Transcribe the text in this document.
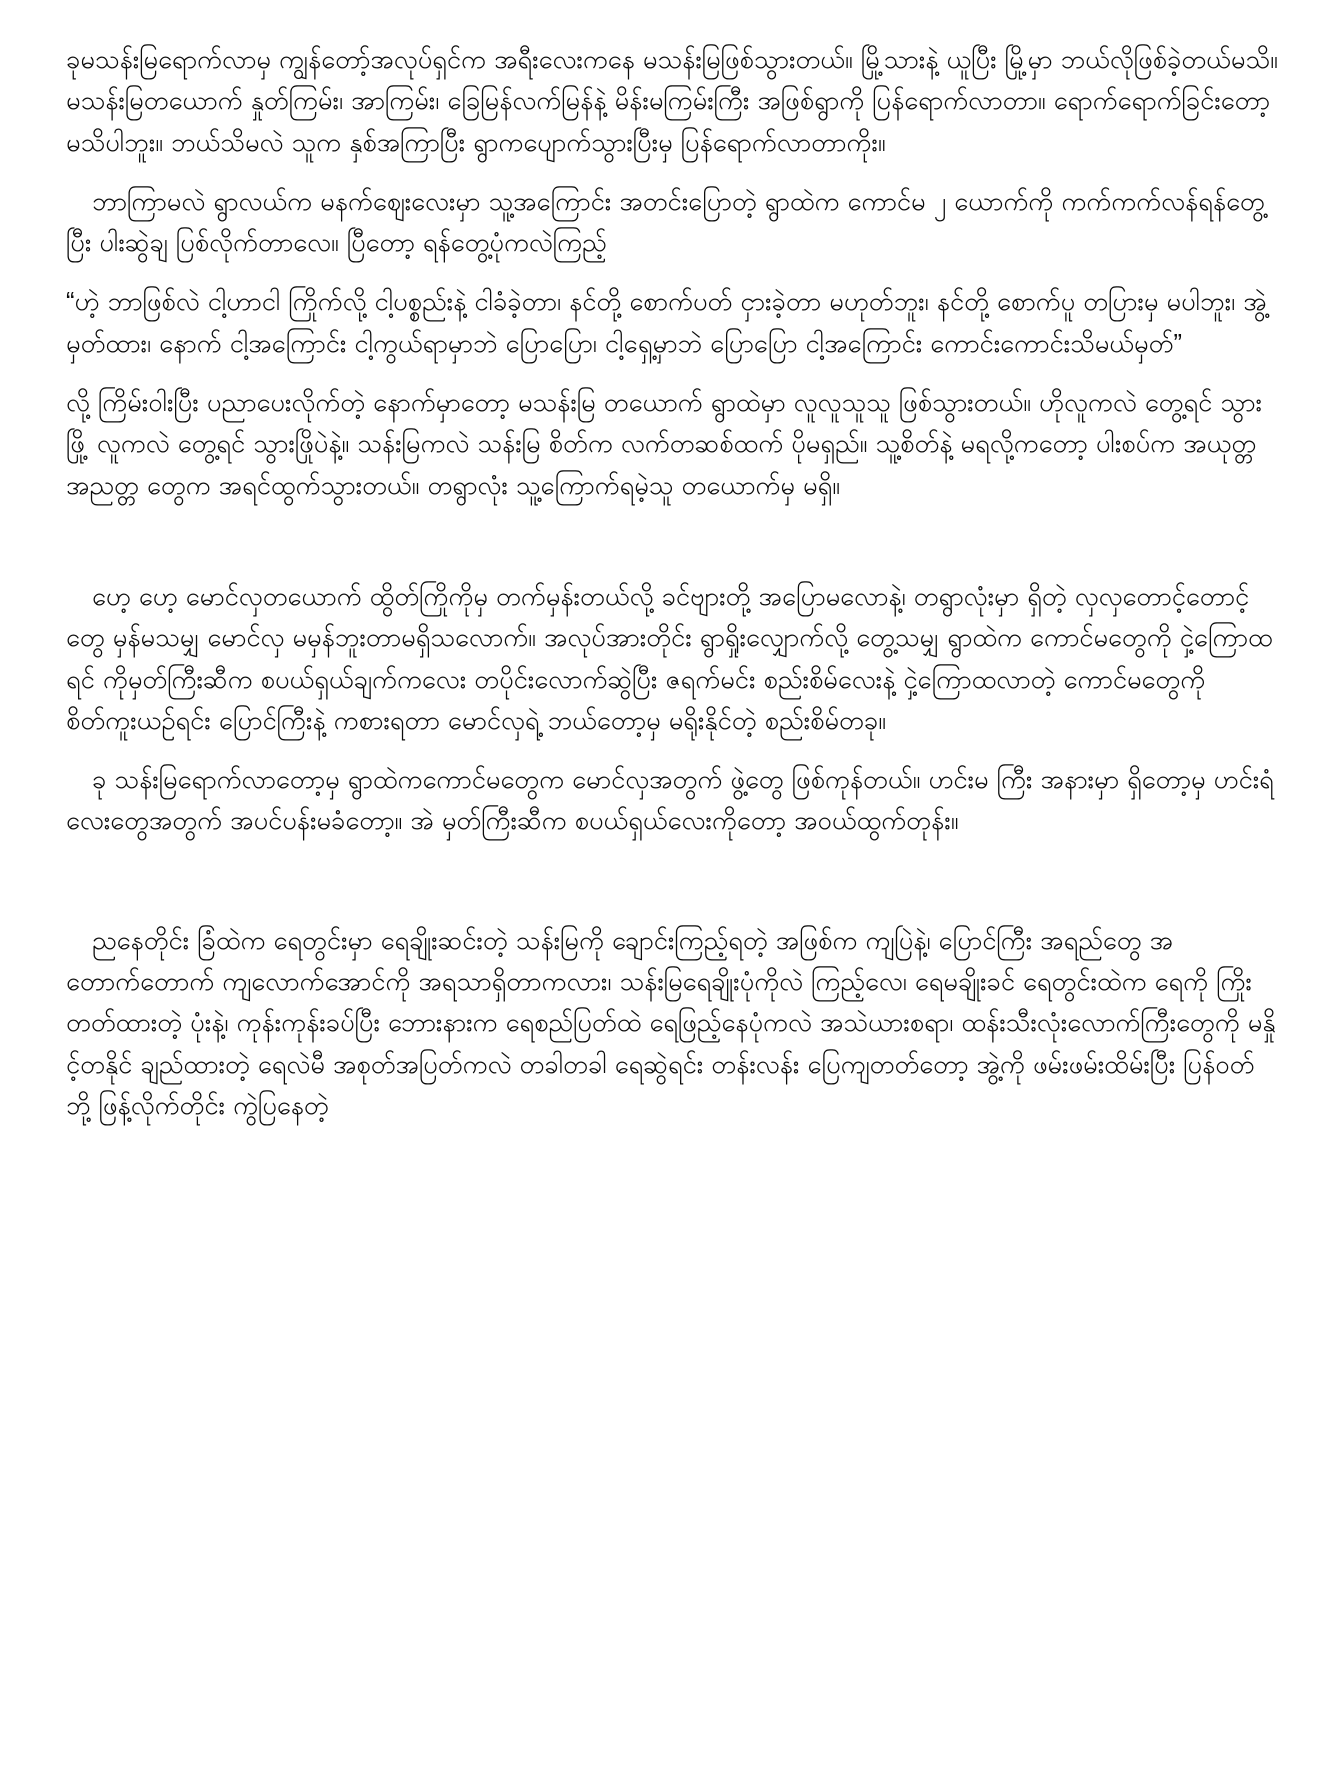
ခုမသန်းမြရောက်လာမှ ကျွန်တော့်အလုပ်ရှင်က အရီးလေးကနေ မသန်းမြဖြစ်သွားတယ်။ မြို့သားနဲ့ ယူပြီး မြို့မှာ ဘယ်လိုဖြစ်ခဲ့တယ်မသိ။ မသန်းမြတယောက် နှုတ်ကြမ်း၊ အာကြမ်း၊ ခြေမြန်လက်မြန်နဲ့ မိန်းမကြမ်းကြီး အဖြစ်ရွာကို ပြန်ရောက်လာတာ။ ရောက်ရောက်ခြင်းတော့ မသိပါဘူး။ ဘယ်သိမလဲ သူက နှစ်အကြာပြီး ရွာကပျောက်သွားပြီးမှ ပြန်ရောက်လာတာကိုး။

ဘာကြာမလဲ ရွာလယ်က မနက်ဈေးလေးမှာ သူ့အကြောင်း အတင်းပြောတဲ့ ရွာထဲက ကောင်မ ၂ ယောက်ကို ကက်ကက်လန်ရန်တွေ့ပြီး ပါးဆွဲချ ပြစ်လိုက်တာလေ။ ပြီတော့ ရန်တွေ့ပုံကလဲကြည့်

“ဟဲ့ ဘာဖြစ်လဲ ငါ့ဟာငါ ကြိုက်လို့ ငါ့ပစ္စည်းနဲ့ ငါခံခဲ့တာ၊ နင်တို့ စောက်ပတ် ငှားခဲ့တာ မဟုတ်ဘူး၊ နင်တို့ စောက်ပူ တပြားမှ မပါဘူး၊ အွဲ့မှတ်ထား၊ နောက် ငါ့အကြောင်း ငါ့ကွယ်ရာမှာဘဲ ပြောပြော၊ ငါ့ရှေ့မှာဘဲ ပြောပြော ငါ့အကြောင်း ကောင်းကောင်းသိမယ်မှတ်”

လို့ ကြိမ်းဝါးပြီး ပညာပေးလိုက်တဲ့ နောက်မှာတော့ မသန်းမြ တယောက် ရွာထဲမှာ လူလူသူသူ ဖြစ်သွားတယ်။ ဟိုလူကလဲ တွေ့ရင် သွားဖြို့ လူကလဲ တွေ့ရင် သွားဖြိုပဲနဲ့။ သန်းမြကလဲ သန်းမြ စိတ်က လက်တဆစ်ထက် ပိုမရှည်။ သူ့စိတ်နဲ့ မရလို့ကတော့ ပါးစပ်က အယုတ္တအညတ္တ တွေက အရင်ထွက်သွားတယ်။ တရွာလုံး သူ့ကြောက်ရမဲ့သူ တယောက်မှ မရှိ။

ဟေ့ ဟေ့ မောင်လှတယောက် ထွိတ်ကြိုကိုမှ တက်မှန်းတယ်လို့ ခင်ဗျားတို့ အပြောမလောနဲ့၊ တရွာလုံးမှာ ရှိတဲ့ လှလှတောင့်တောင့်တွေ မှန်မသမျှ မောင်လှ မမှန်ဘူးတာမရှိသလောက်။ အလုပ်အားတိုင်း ရွာရှိုးလျှောက်လို့ တွေ့သမျှ ရွာထဲက ကောင်မတွေကို ငှဲ့ကြောထရင် ကိုမှတ်ကြီးဆီက စပယ်ရှယ်ချက်ကလေး တပိုင်းလောက်ဆွဲပြီး ဇရက်မင်း စည်းစိမ်လေးနဲ့ ငှဲ့ကြောထလာတဲ့ ကောင်မတွေကို စိတ်ကူးယဉ်ရင်း ပြောင်ကြီးနဲ့ ကစားရတာ မောင်လှရဲ့ ဘယ်တော့မှ မရိုးနိုင်တဲ့ စည်းစိမ်တခု။

ခု သန်းမြရောက်လာတော့မှ ရွာထဲကကောင်မတွေက မောင်လှအတွက် ဖွဲ့တွေ ဖြစ်ကုန်တယ်။ ဟင်းမ ကြီး အနားမှာ ရှိတော့မှ ဟင်းရံလေးတွေအတွက် အပင်ပန်းမခံတော့။ အဲ မှတ်ကြီးဆီက စပယ်ရှယ်လေးကိုတော့ အဝယ်ထွက်တုန်း။

ညနေတိုင်း ခြံထဲက ရေတွင်းမှာ ရေချိုးဆင်းတဲ့ သန်းမြကို ချောင်းကြည့်ရတဲ့ အဖြစ်က ကျပြဲနဲ့၊ ပြောင်ကြီး အရည်တွေ အတောက်တောက် ကျလောက်အောင်ကို အရသာရှိတာကလား၊ သန်းမြရေချိုးပုံကိုလဲ ကြည့်လေ၊ ရေမချိုးခင် ရေတွင်းထဲက ရေကို ကြိုးတတ်ထားတဲ့ ပုံးနဲ့၊ ကုန်းကုန်းခပ်ပြီး ဘေားနားက ရေစည်ပြတ်ထဲ ရေဖြည့်နေပုံကလဲ အသဲယားစရာ၊ ထန်းသီးလုံးလောက်ကြီးတွေကို မနှိုင့်တနိုင် ချည်ထားတဲ့ ရေလဲမီ အစုတ်အပြတ်ကလဲ တခါတခါ ရေဆွဲရင်း တန်းလန်း ပြေကျတတ်တော့ အွဲ့ကို ဖမ်းဖမ်းထိမ်းပြီး ပြန်ဝတ်ဘို့ ဖြန့်လိုက်တိုင်း ကွဲပြနေတဲ့
